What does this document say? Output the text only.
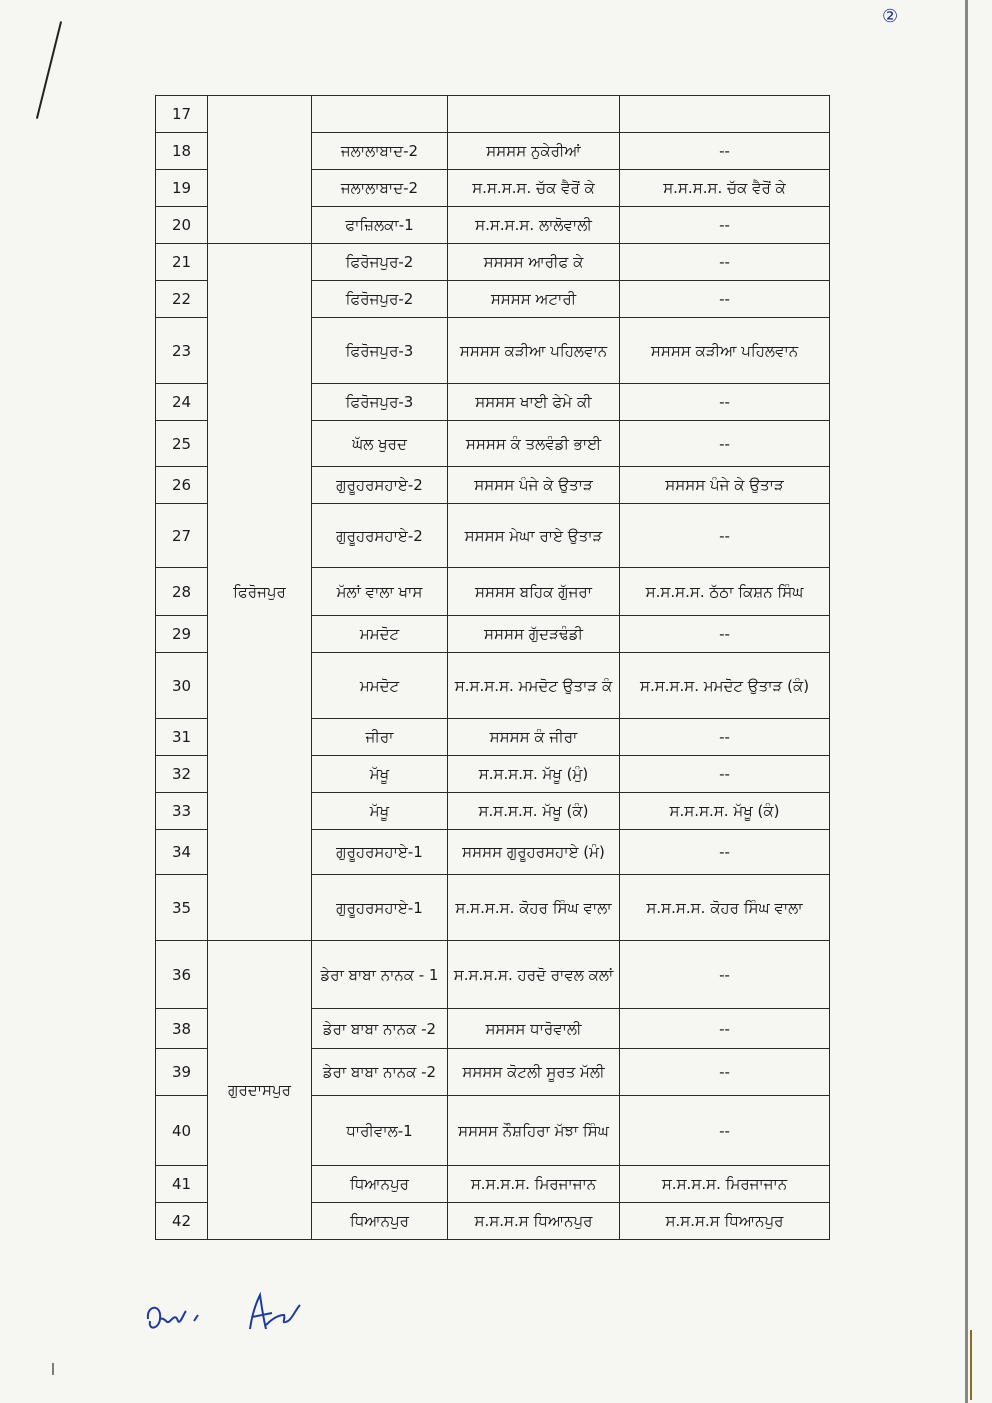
②
17				
18		ਜਲਾਲਾਬਾਦ-2	ਸਸਸਸ ਨੁਕੇਰੀਆਂ	--
19		ਜਲਾਲਾਬਾਦ-2	ਸ.ਸ.ਸ.ਸ. ਚੱਕ ਵੈਰੋਂ ਕੇ	ਸ.ਸ.ਸ.ਸ. ਚੱਕ ਵੈਰੋਂ ਕੇ
20		ਫਾਜ਼ਿਲਕਾ-1	ਸ.ਸ.ਸ.ਸ. ਲਾਲੋਵਾਲੀ	--
21	ਫਿਰੋਜਪੁਰ	ਫਿਰੋਜਪੁਰ-2	ਸਸਸਸ ਆਰੀਫ ਕੇ	--
22		ਫਿਰੋਜਪੁਰ-2	ਸਸਸਸ ਅਟਾਰੀ	--
23		ਫਿਰੋਜਪੁਰ-3	ਸਸਸਸ ਕੜੀਆ ਪਹਿਲਵਾਨ	ਸਸਸਸ ਕੜੀਆ ਪਹਿਲਵਾਨ
24		ਫਿਰੋਜਪੁਰ-3	ਸਸਸਸ ਖਾਈ ਫੇਮੇ ਕੀ	--
25		ਘੱਲ ਖੁਰਦ	ਸਸਸਸ ਕੰ ਤਲਵੰਡੀ ਭਾਈ	--
26		ਗੁਰੂਹਰਸਹਾਏ-2	ਸਸਸਸ ਪੰਜੇ ਕੇ ਉਤਾੜ	ਸਸਸਸ ਪੰਜੇ ਕੇ ਉਤਾੜ
27		ਗੁਰੂਹਰਸਹਾਏ-2	ਸਸਸਸ ਮੇਘਾ ਰਾਏ ਉਤਾੜ	--
28		ਮੱਲਾਂ ਵਾਲਾ ਖਾਸ	ਸਸਸਸ ਬਹਿਕ ਗੁੱਜਰਾ	ਸ.ਸ.ਸ.ਸ. ਠੱਠਾ ਕਿਸ਼ਨ ਸਿੰਘ
29		ਮਮਦੋਟ	ਸਸਸਸ ਗੁੱਦੜਢੰਡੀ	--
30		ਮਮਦੋਟ	ਸ.ਸ.ਸ.ਸ. ਮਮਦੋਟ ਉਤਾੜ ਕੰ	ਸ.ਸ.ਸ.ਸ. ਮਮਦੋਟ ਉਤਾੜ (ਕੰ)
31		ਜੀਰਾ	ਸਸਸਸ ਕੰ ਜੀਰਾ	--
32		ਮੱਖੂ	ਸ.ਸ.ਸ.ਸ. ਮੱਖੂ (ਮੁੰ)	--
33		ਮੱਖੂ	ਸ.ਸ.ਸ.ਸ. ਮੱਖੂ (ਕੰ)	ਸ.ਸ.ਸ.ਸ. ਮੱਖੂ (ਕੰ)
34		ਗੁਰੂਹਰਸਹਾਏ-1	ਸਸਸਸ ਗੁਰੂਹਰਸਹਾਏ (ਮੰ)	--
35		ਗੁਰੂਹਰਸਹਾਏ-1	ਸ.ਸ.ਸ.ਸ. ਕੋਹਰ ਸਿੰਘ ਵਾਲਾ	ਸ.ਸ.ਸ.ਸ. ਕੋਹਰ ਸਿੰਘ ਵਾਲਾ
36	ਗੁਰਦਾਸਪੁਰ	ਡੇਰਾ ਬਾਬਾ ਨਾਨਕ - 1	ਸ.ਸ.ਸ.ਸ. ਹਰਦੋ ਰਾਵਲ ਕਲਾਂ	--
38		ਡੇਰਾ ਬਾਬਾ ਨਾਨਕ -2	ਸਸਸਸ ਧਾਰੋਵਾਲੀ	--
39		ਡੇਰਾ ਬਾਬਾ ਨਾਨਕ -2	ਸਸਸਸ ਕੋਟਲੀ ਸੂਰਤ ਮੱਲੀ	--
40		ਧਾਰੀਵਾਲ-1	ਸਸਸਸ ਨੌਸ਼ਹਿਰਾ ਮੱਝਾ ਸਿੰਘ	--
41		ਧਿਆਨਪੁਰ	ਸ.ਸ.ਸ.ਸ. ਮਿਰਜਾਜਾਨ	ਸ.ਸ.ਸ.ਸ. ਮਿਰਜਾਜਾਨ
42		ਧਿਆਨਪੁਰ	ਸ.ਸ.ਸ.ਸ ਧਿਆਨਪੁਰ	ਸ.ਸ.ਸ.ਸ ਧਿਆਨਪੁਰ
